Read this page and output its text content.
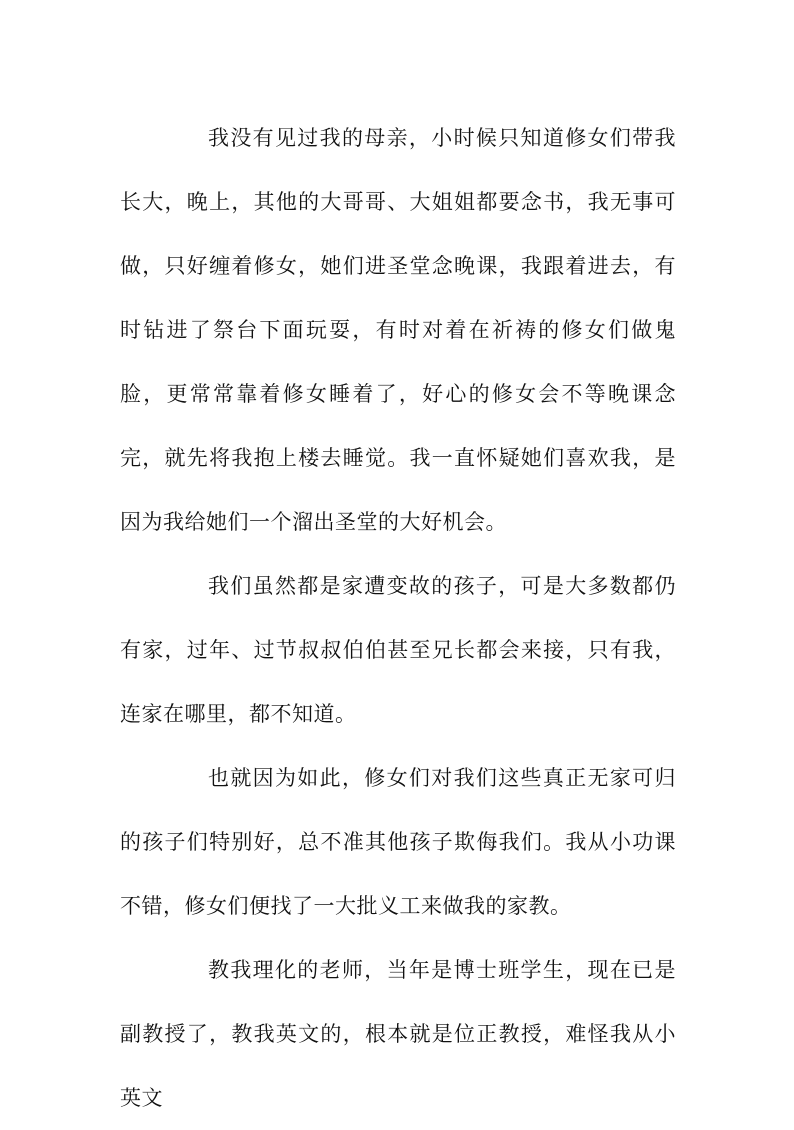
我没有见过我的母亲，小时候只知道修女们带我长大，晚上，其他的大哥哥、大姐姐都要念书，我无事可做，只好缠着修女，她们进圣堂念晚课，我跟着进去，有时钻进了祭台下面玩耍，有时对着在祈祷的修女们做鬼脸，更常常靠着修女睡着了，好心的修女会不等晚课念完，就先将我抱上楼去睡觉。我一直怀疑她们喜欢我，是因为我给她们一个溜出圣堂的大好机会。

我们虽然都是家遭变故的孩子，可是大多数都仍有家，过年、过节叔叔伯伯甚至兄长都会来接，只有我，连家在哪里，都不知道。

也就因为如此，修女们对我们这些真正无家可归的孩子们特别好，总不准其他孩子欺侮我们。我从小功课不错，修女们便找了一大批义工来做我的家教。

教我理化的老师，当年是博士班学生，现在已是副教授了，教我英文的，根本就是位正教授，难怪我从小英文
